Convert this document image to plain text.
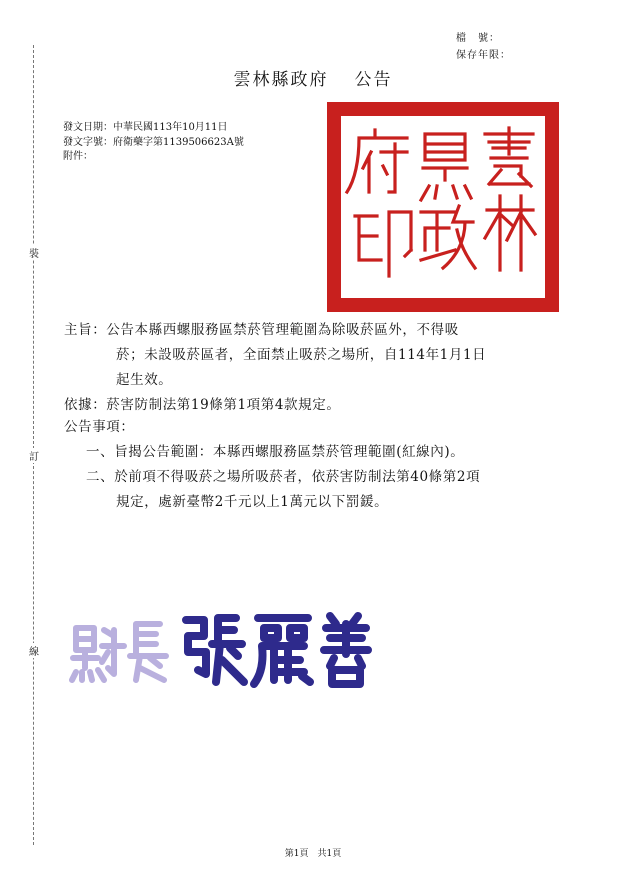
檔　號：
保存年限：
裝
訂
線
雲林縣政府 公告
發文日期：中華民國113年10月11日
發文字號：府衛藥字第1139506623A號
附件：
主旨：公告本縣西螺服務區禁菸管理範圍為除吸菸區外，不得吸
菸；未設吸菸區者，全面禁止吸菸之場所，自114年1月1日
起生效。
依據：菸害防制法第19條第1項第4款規定。
公告事項：
一、旨揭公告範圍：本縣西螺服務區禁菸管理範圍(紅線內)。
二、於前項不得吸菸之場所吸菸者，依菸害防制法第40條第2項
規定，處新臺幣2千元以上1萬元以下罰鍰。
第1頁　共1頁
